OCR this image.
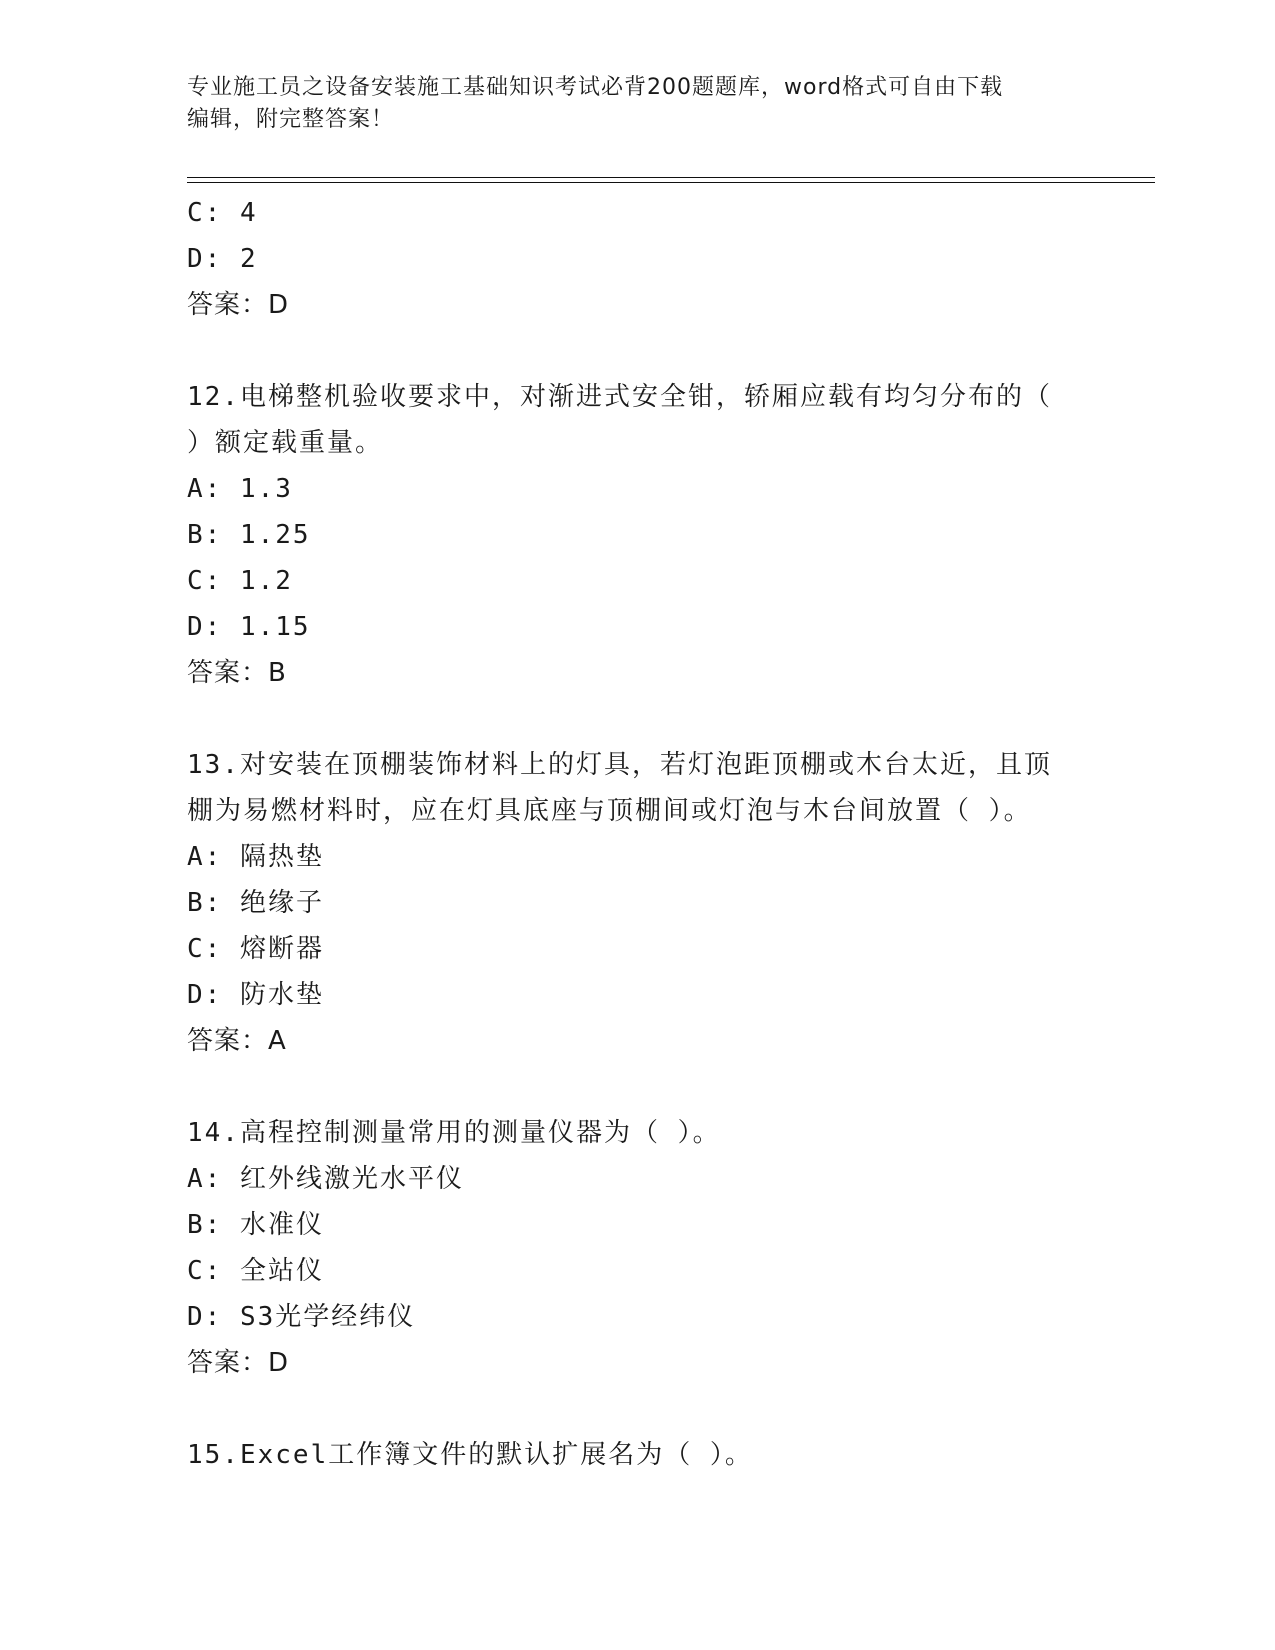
专业施工员之设备安装施工基础知识考试必背200题题库，word格式可自由下载
编辑，附完整答案！
C: 4
D: 2
答案：D
12.电梯整机验收要求中，对渐进式安全钳，轿厢应载有均匀分布的（
）额定载重量。
A: 1.3
B: 1.25
C: 1.2
D: 1.15
答案：B
13.对安装在顶棚装饰材料上的灯具，若灯泡距顶棚或木台太近，且顶
棚为易燃材料时，应在灯具底座与顶棚间或灯泡与木台间放置（ ）。
A: 隔热垫
B: 绝缘子
C: 熔断器
D: 防水垫
答案：A
14.高程控制测量常用的测量仪器为（ ）。
A: 红外线激光水平仪
B: 水准仪
C: 全站仪
D: S3光学经纬仪
答案：D
15.Excel工作簿文件的默认扩展名为（ ）。
